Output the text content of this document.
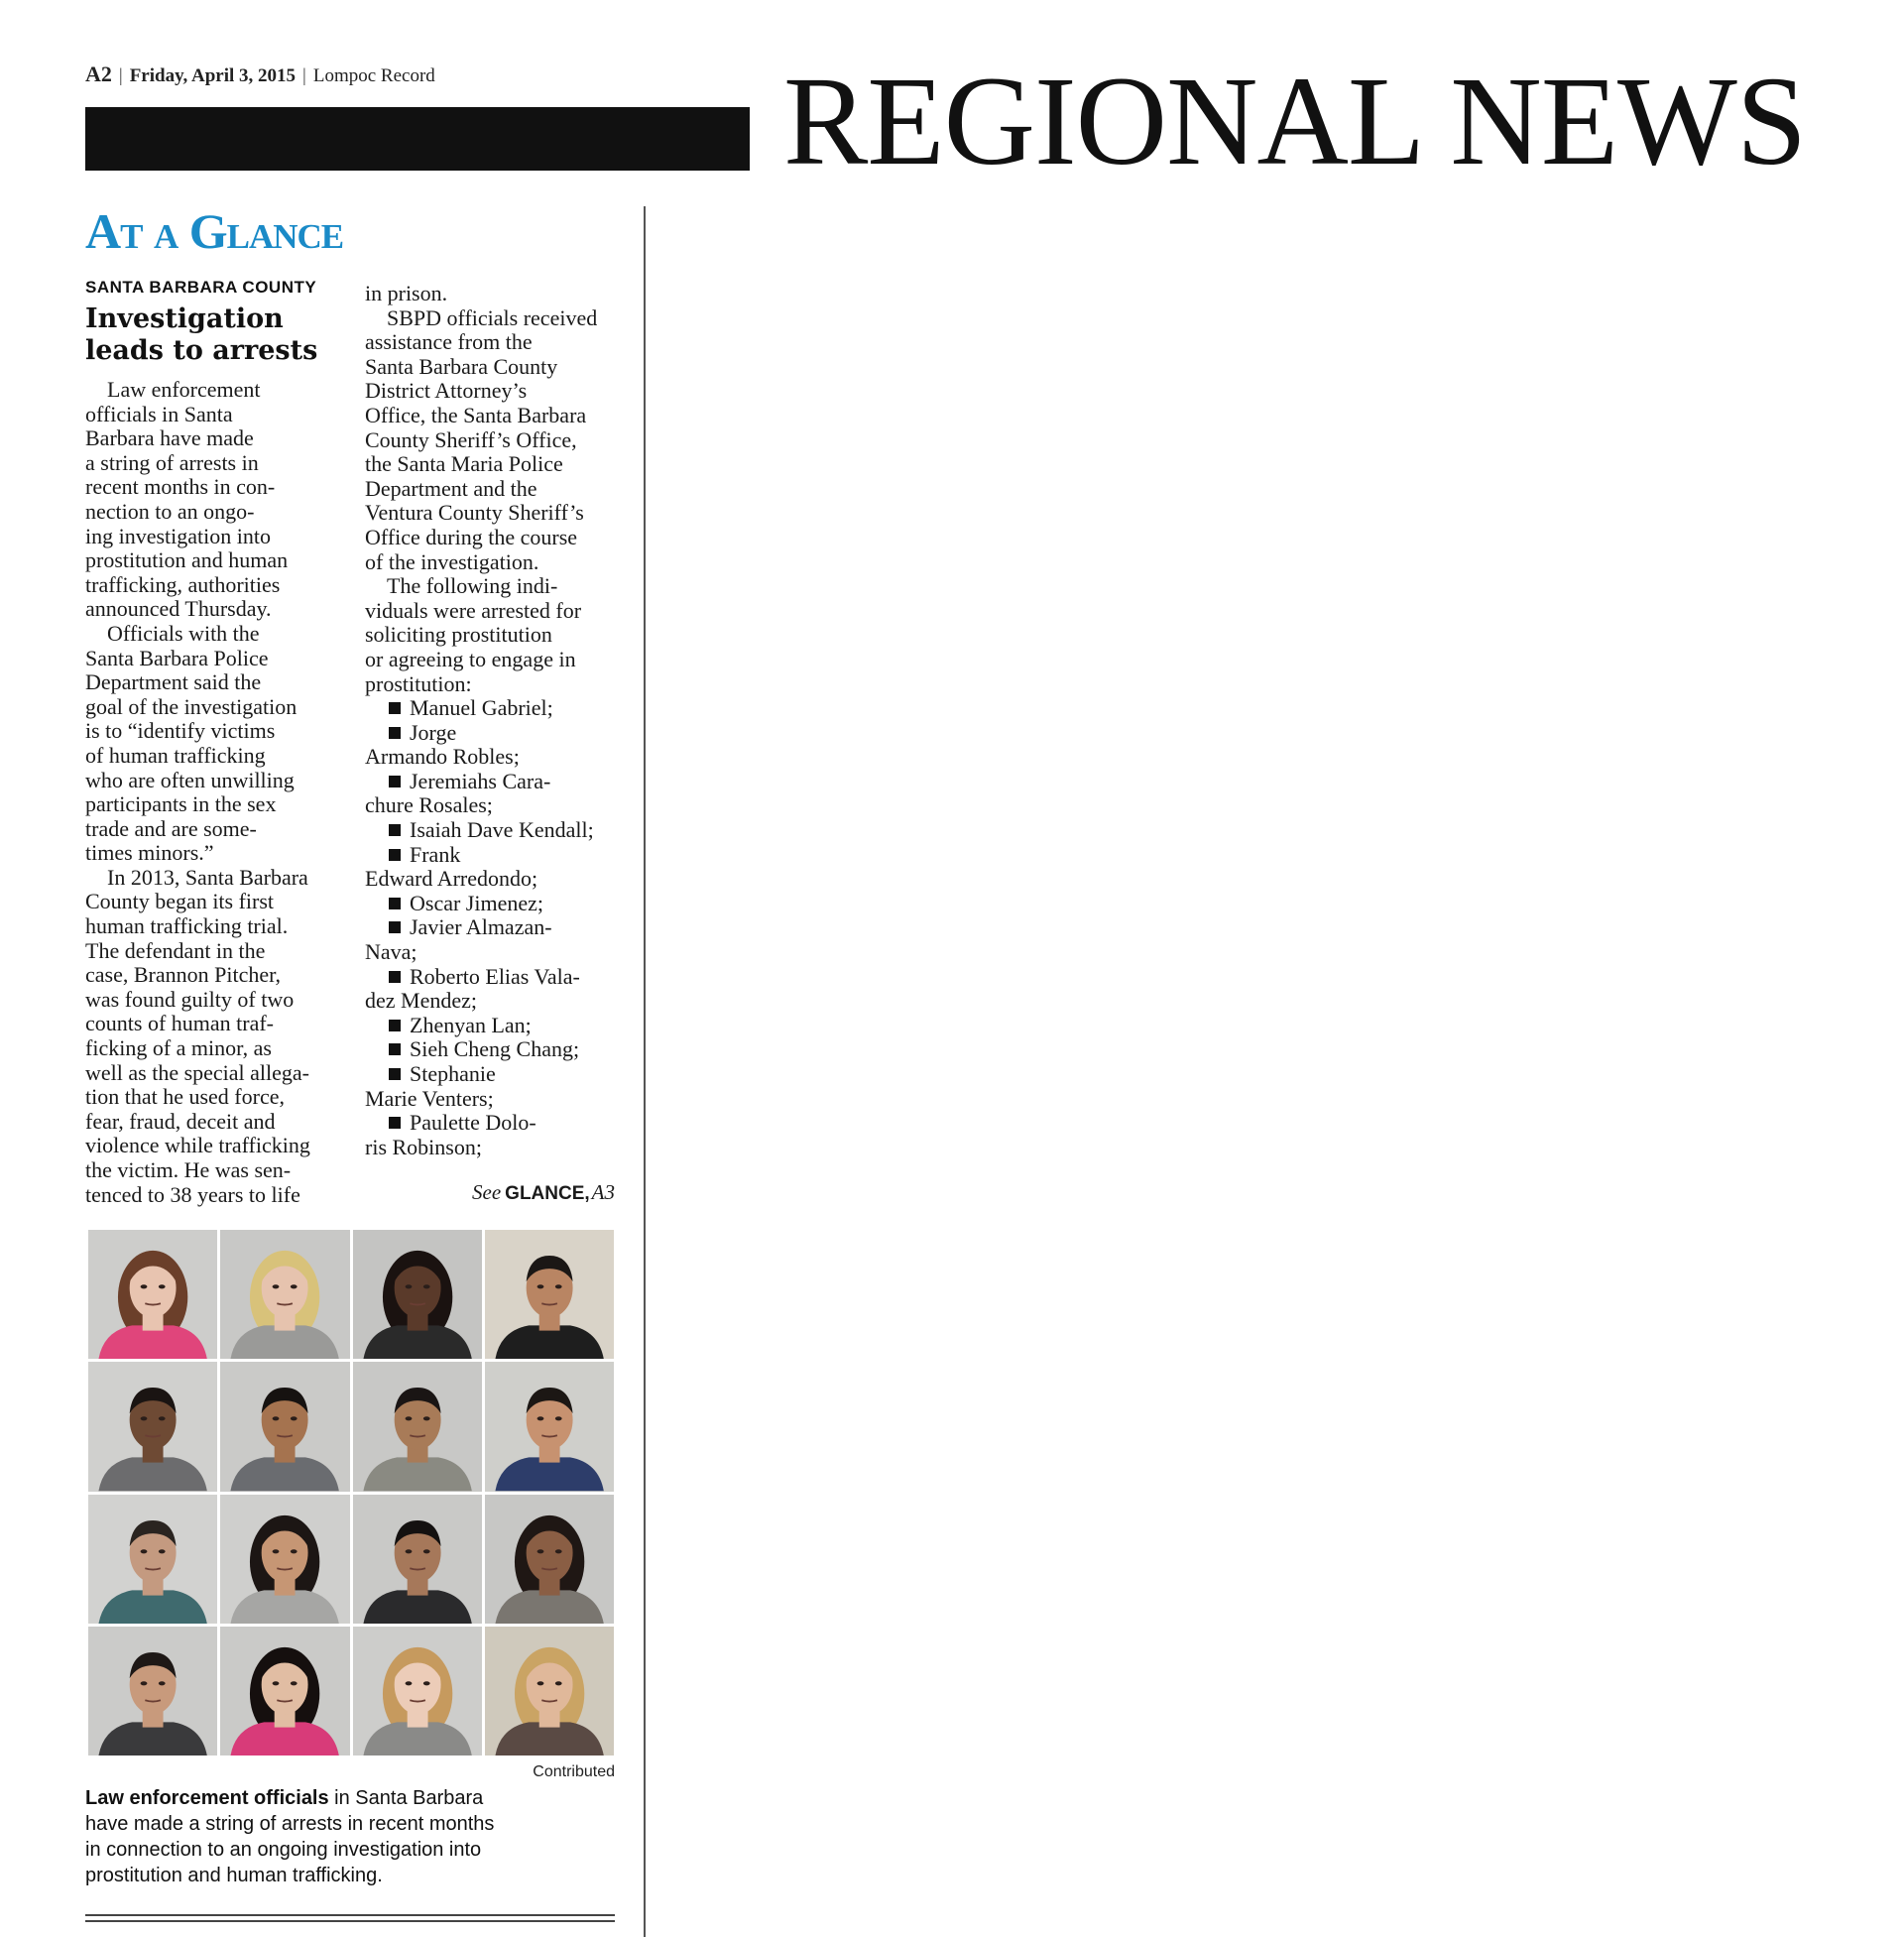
A2 | Friday, April 3, 2015 | Lompoc Record	REGIONAL NEWS
At a Glance
SANTA BARBARA COUNTY
Investigation
leads to arrests
Law enforcement
officials in Santa
Barbara have made
a string of arrests in
recent months in con-
nection to an ongo-
ing investigation into
prostitution and human
trafficking, authorities
announced Thursday.
Officials with the
Santa Barbara Police
Department said the
goal of the investigation
is to “identify victims
of human trafficking
who are often unwilling
participants in the sex
trade and are some-
times minors.”
In 2013, Santa Barbara
County began its first
human trafficking trial.
The defendant in the
case, Brannon Pitcher,
was found guilty of two
counts of human traf-
ficking of a minor, as
well as the special allega-
tion that he used force,
fear, fraud, deceit and
violence while trafficking
the victim. He was sen-
tenced to 38 years to life
in prison.
SBPD officials received
assistance from the
Santa Barbara County
District Attorney’s
Office, the Santa Barbara
County Sheriff’s Office,
the Santa Maria Police
Department and the
Ventura County Sheriff’s
Office during the course
of the investigation.
The following indi-
viduals were arrested for
soliciting prostitution
or agreeing to engage in
prostitution:
Manuel Gabriel;
Jorge
Armando Robles;
Jeremiahs Cara-
chure Rosales;
Isaiah Dave Kendall;
Frank
Edward Arredondo;
Oscar Jimenez;
Javier Almazan-
Nava;
Roberto Elias Vala-
dez Mendez;
Zhenyan Lan;
Sieh Cheng Chang;
Stephanie
Marie Venters;
Paulette Dolo-
ris Robinson;
See GLANCE,A3
Contributed
Law enforcement officials in Santa Barbara
have made a string of arrests in recent months
in connection to an ongoing investigation into
prostitution and human trafficking.
